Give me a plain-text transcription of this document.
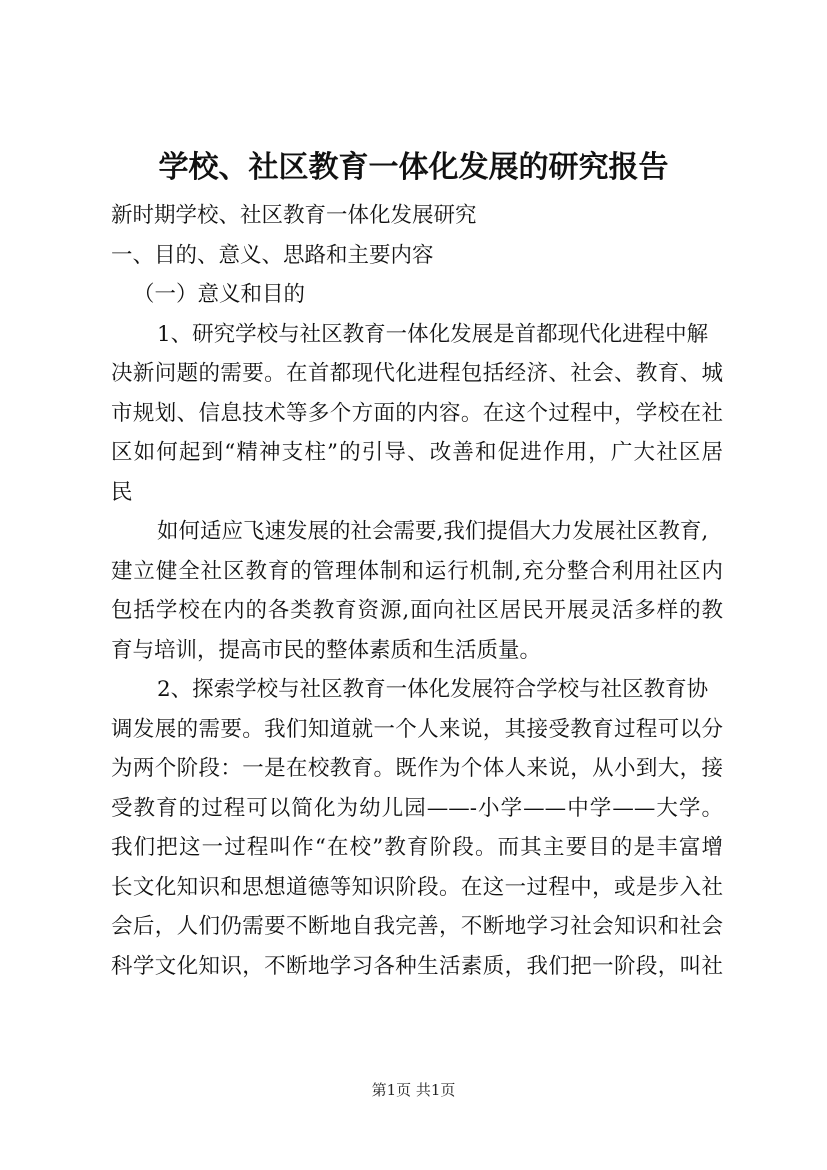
学校、社区教育一体化发展的研究报告
新时期学校、社区教育一体化发展研究
一、目的、意义、思路和主要内容
（一）意义和目的
1、研究学校与社区教育一体化发展是首都现代化进程中解
决新问题的需要。在首都现代化进程包括经济、社会、教育、城
市规划、信息技术等多个方面的内容。在这个过程中，学校在社
区如何起到“精神支柱”的引导、改善和促进作用，广大社区居
民
如何适应飞速发展的社会需要,我们提倡大力发展社区教育,
建立健全社区教育的管理体制和运行机制,充分整合利用社区内
包括学校在内的各类教育资源,面向社区居民开展灵活多样的教
育与培训，提高市民的整体素质和生活质量。
2、探索学校与社区教育一体化发展符合学校与社区教育协
调发展的需要。我们知道就一个人来说，其接受教育过程可以分
为两个阶段：一是在校教育。既作为个体人来说，从小到大，接
受教育的过程可以简化为幼儿园——-小学——中学——大学。
我们把这一过程叫作“在校”教育阶段。而其主要目的是丰富增
长文化知识和思想道德等知识阶段。在这一过程中，或是步入社
会后，人们仍需要不断地自我完善，不断地学习社会知识和社会
科学文化知识，不断地学习各种生活素质，我们把一阶段，叫社
第1页 共1页
